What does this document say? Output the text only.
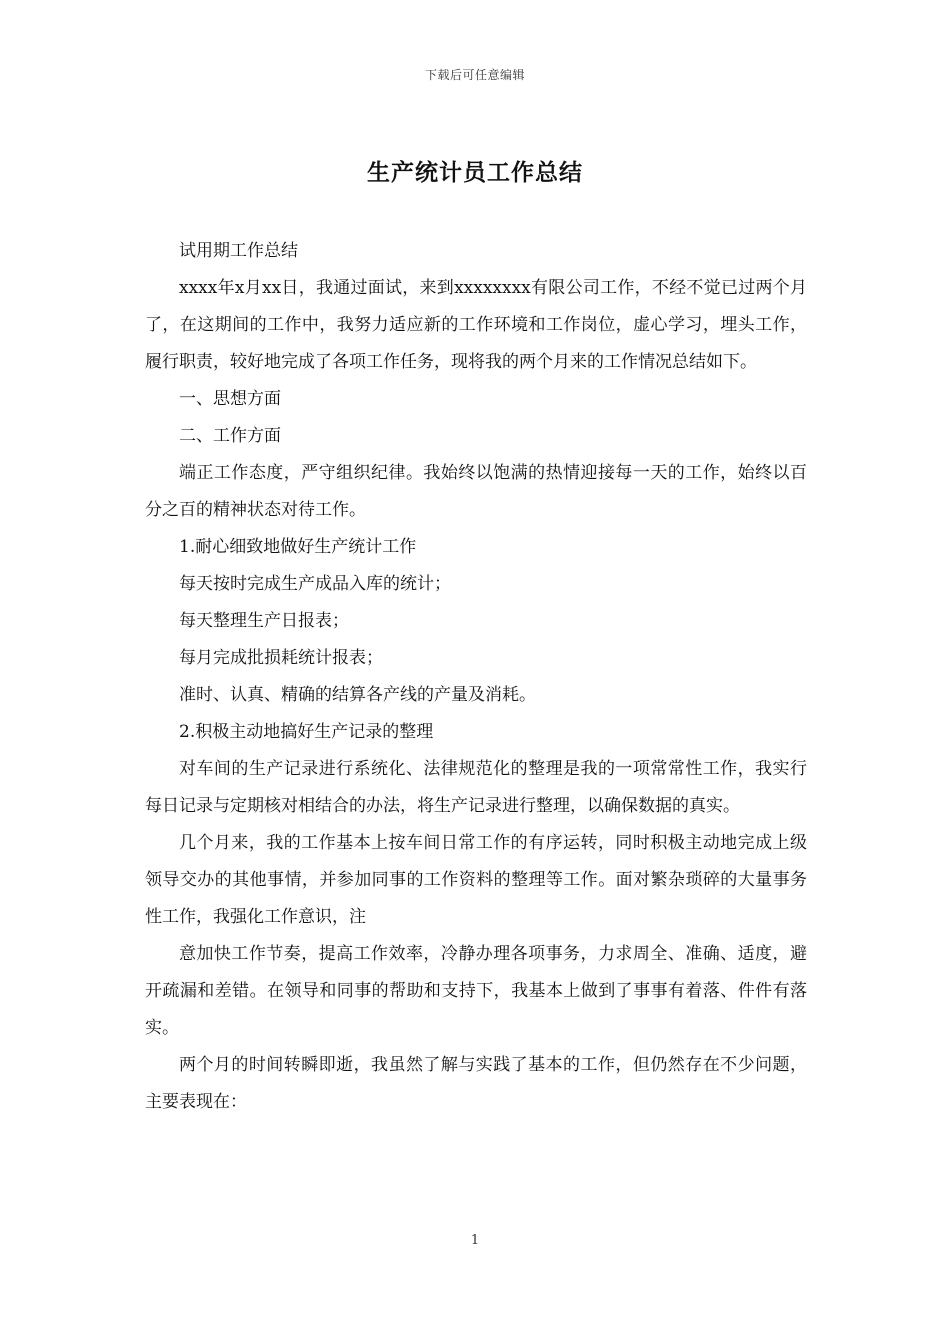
下载后可任意编辑
生产统计员工作总结

试用期工作总结

xxxx年x月xx日，我通过面试，来到xxxxxxxx有限公司工作，不经不觉已过两个月了，在这期间的工作中，我努力适应新的工作环境和工作岗位，虚心学习，埋头工作，履行职责，较好地完成了各项工作任务，现将我的两个月来的工作情况总结如下。

一、思想方面

二、工作方面

端正工作态度，严守组织纪律。我始终以饱满的热情迎接每一天的工作，始终以百分之百的精神状态对待工作。

1.耐心细致地做好生产统计工作

每天按时完成生产成品入库的统计；

每天整理生产日报表；

每月完成批损耗统计报表；

准时、认真、精确的结算各产线的产量及消耗。

2.积极主动地搞好生产记录的整理

对车间的生产记录进行系统化、法律规范化的整理是我的一项常常性工作，我实行每日记录与定期核对相结合的办法，将生产记录进行整理，以确保数据的真实。

几个月来，我的工作基本上按车间日常工作的有序运转，同时积极主动地完成上级领导交办的其他事情，并参加同事的工作资料的整理等工作。面对繁杂琐碎的大量事务性工作，我强化工作意识，注

意加快工作节奏，提高工作效率，冷静办理各项事务，力求周全、准确、适度，避开疏漏和差错。在领导和同事的帮助和支持下，我基本上做到了事事有着落、件件有落实。

两个月的时间转瞬即逝，我虽然了解与实践了基本的工作，但仍然存在不少问题，主要表现在：

1
